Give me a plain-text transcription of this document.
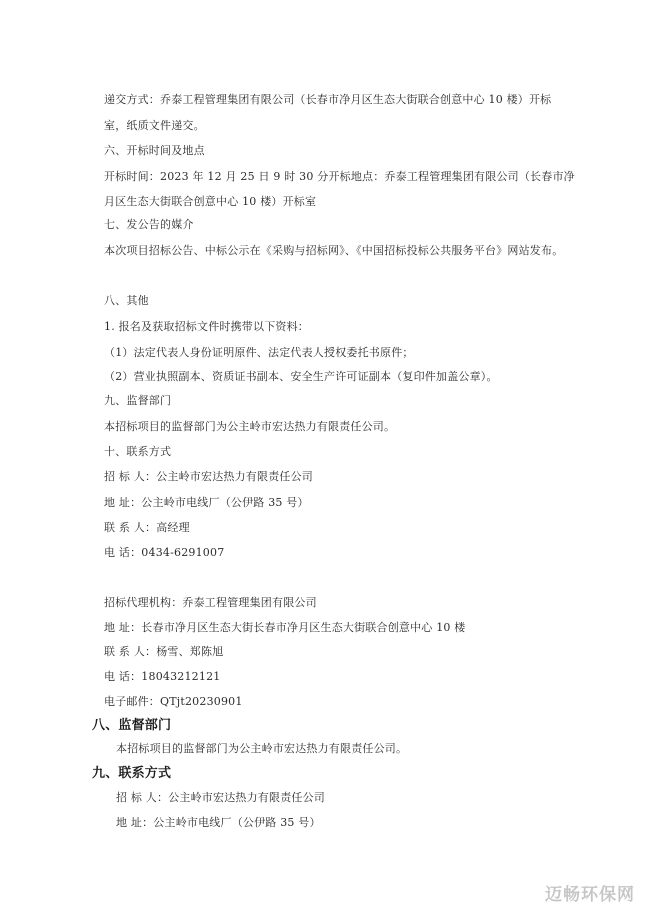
递交方式：乔泰工程管理集团有限公司（长春市净月区生态大街联合创意中心 10 楼）开标
室，纸质文件递交。
六、开标时间及地点
开标时间：2023 年 12 月 25 日 9 时 30 分开标地点：乔泰工程管理集团有限公司（长春市净
月区生态大街联合创意中心 10 楼）开标室
七、发公告的媒介
本次项目招标公告、中标公示在《采购与招标网》、《中国招标投标公共服务平台》网站发布。
八、其他
1. 报名及获取招标文件时携带以下资料：
（1）法定代表人身份证明原件、法定代表人授权委托书原件；
（2）营业执照副本、资质证书副本、安全生产许可证副本（复印件加盖公章）。
九、监督部门
本招标项目的监督部门为公主岭市宏达热力有限责任公司。
十、联系方式
招 标 人：公主岭市宏达热力有限责任公司
地 址：公主岭市电线厂（公伊路 35 号）
联 系 人：高经理
电 话：0434-6291007
招标代理机构：乔泰工程管理集团有限公司
地 址：长春市净月区生态大街长春市净月区生态大街联合创意中心 10 楼
联 系 人：杨雪、郑陈旭
电 话：18043212121
电子邮件：QTjt20230901
八、监督部门
本招标项目的监督部门为公主岭市宏达热力有限责任公司。
九、联系方式
招 标 人：公主岭市宏达热力有限责任公司
地 址：公主岭市电线厂（公伊路 35 号）
迈畅环保网
